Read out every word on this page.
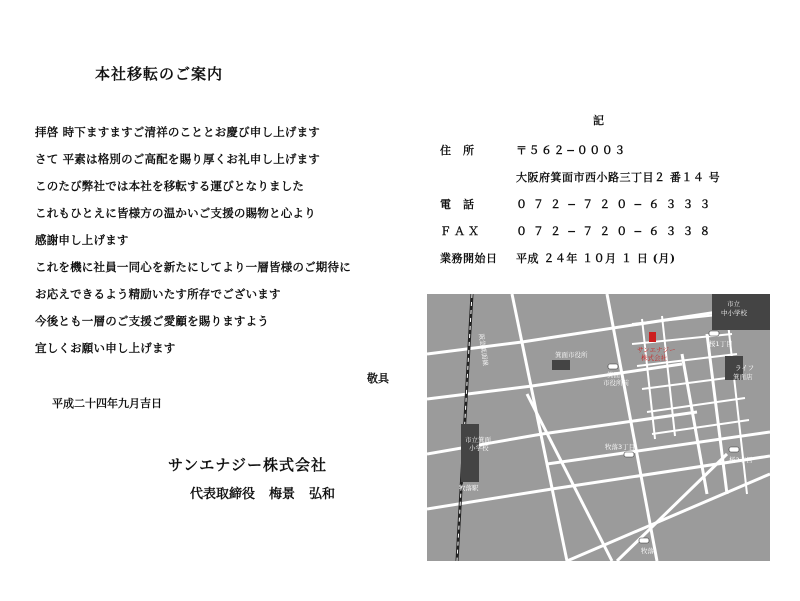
本社移転のご案内
拝啓 時下ますますご清祥のこととお慶び申し上げます
さて 平素は格別のご高配を賜り厚くお礼申し上げます
このたび弊社では本社を移転する運びとなりました
これもひとえに皆様方の温かいご支援の賜物と心より
感謝申し上げます
これを機に社員一同心を新たにしてより一層皆様のご期待に
お応えできるよう精励いたす所存でございます
今後とも一層のご支援ご愛顧を賜りますよう
宜しくお願い申し上げます
敬具
平成二十四年九月吉日
サンエナジー株式会社
代表取締役 梅景 弘和
記
住　所	〒５６２−０００３
大阪府箕面市西小路三丁目２ 番１４ 号
電　話	０７２−７２０−６３３３
ＦＡＸ	０７２−７２０−６３３８
業務開始日 平成 ２４年 １０月 １ 日 (月)
阪急箕面線
市立
中小学校
箕面市役所
箕面
市役所前
サンエナジー
株式会社
桜1丁目
ライフ
箕面店
市立箕面
小学校
牧落駅
牧落3丁目
桜2丁目
牧落
